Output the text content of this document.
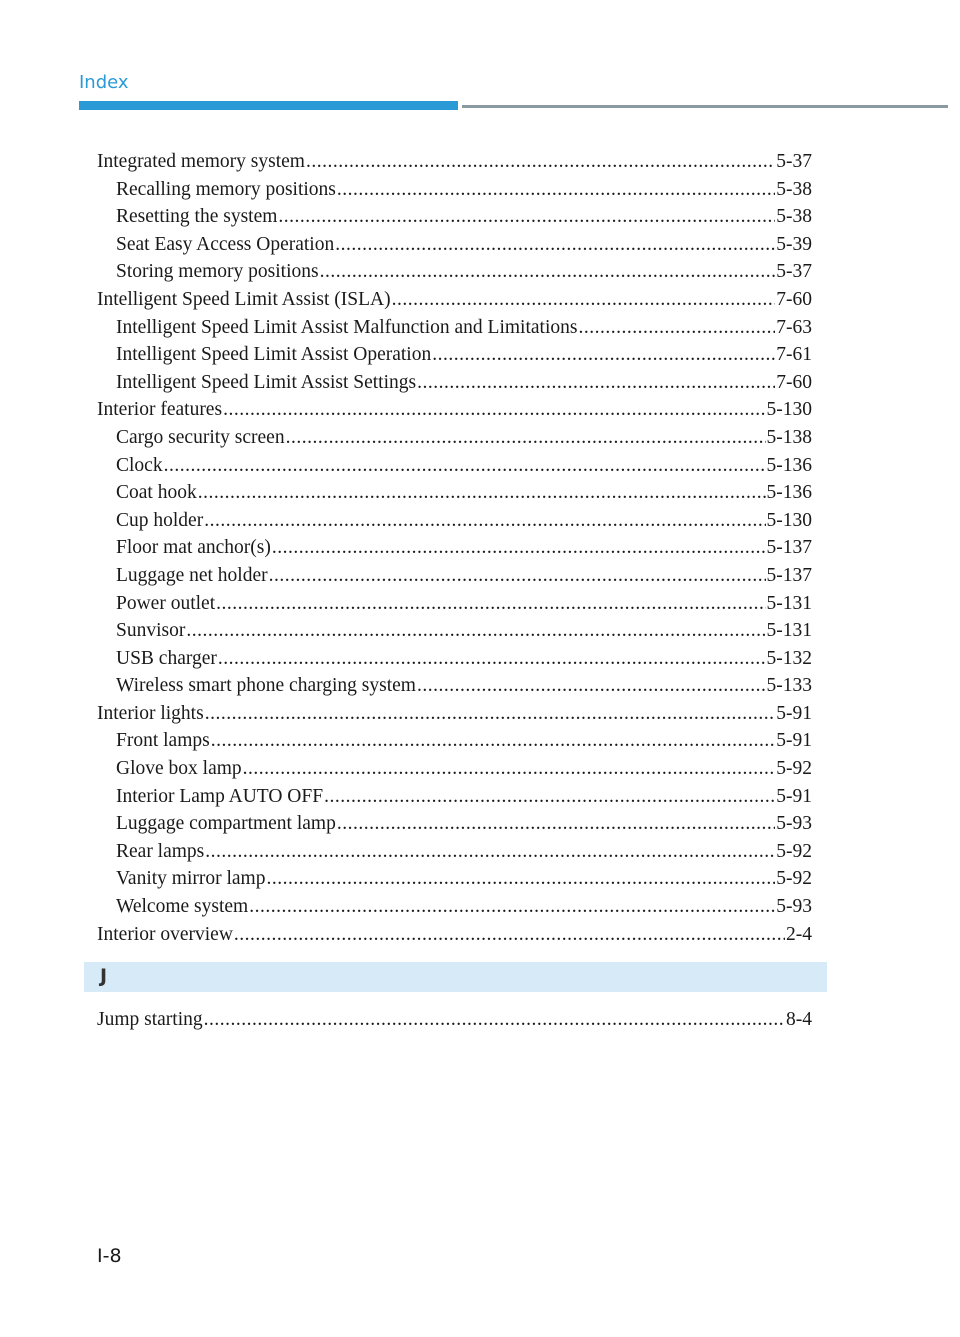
Index
Integrated memory system .....	5-37
Recalling memory positions .....	5-38
Resetting the system .....	5-38
Seat Easy Access Operation .....	5-39
Storing memory positions .....	5-37
Intelligent Speed Limit Assist (ISLA) .....	7-60
Intelligent Speed Limit Assist Malfunction and Limitations .....	7-63
Intelligent Speed Limit Assist Operation .....	7-61
Intelligent Speed Limit Assist Settings .....	7-60
Interior features .....	5-130
Cargo security screen .....	5-138
Clock .....	5-136
Coat hook .....	5-136
Cup holder .....	5-130
Floor mat anchor(s) .....	5-137
Luggage net holder .....	5-137
Power outlet .....	5-131
Sunvisor .....	5-131
USB charger .....	5-132
Wireless smart phone charging system .....	5-133
Interior lights .....	5-91
Front lamps .....	5-91
Glove box lamp .....	5-92
Interior Lamp AUTO OFF .....	5-91
Luggage compartment lamp .....	5-93
Rear lamps .....	5-92
Vanity mirror lamp .....	5-92
Welcome system .....	5-93
Interior overview .....	2-4
J
Jump starting .....	8-4
I-8
